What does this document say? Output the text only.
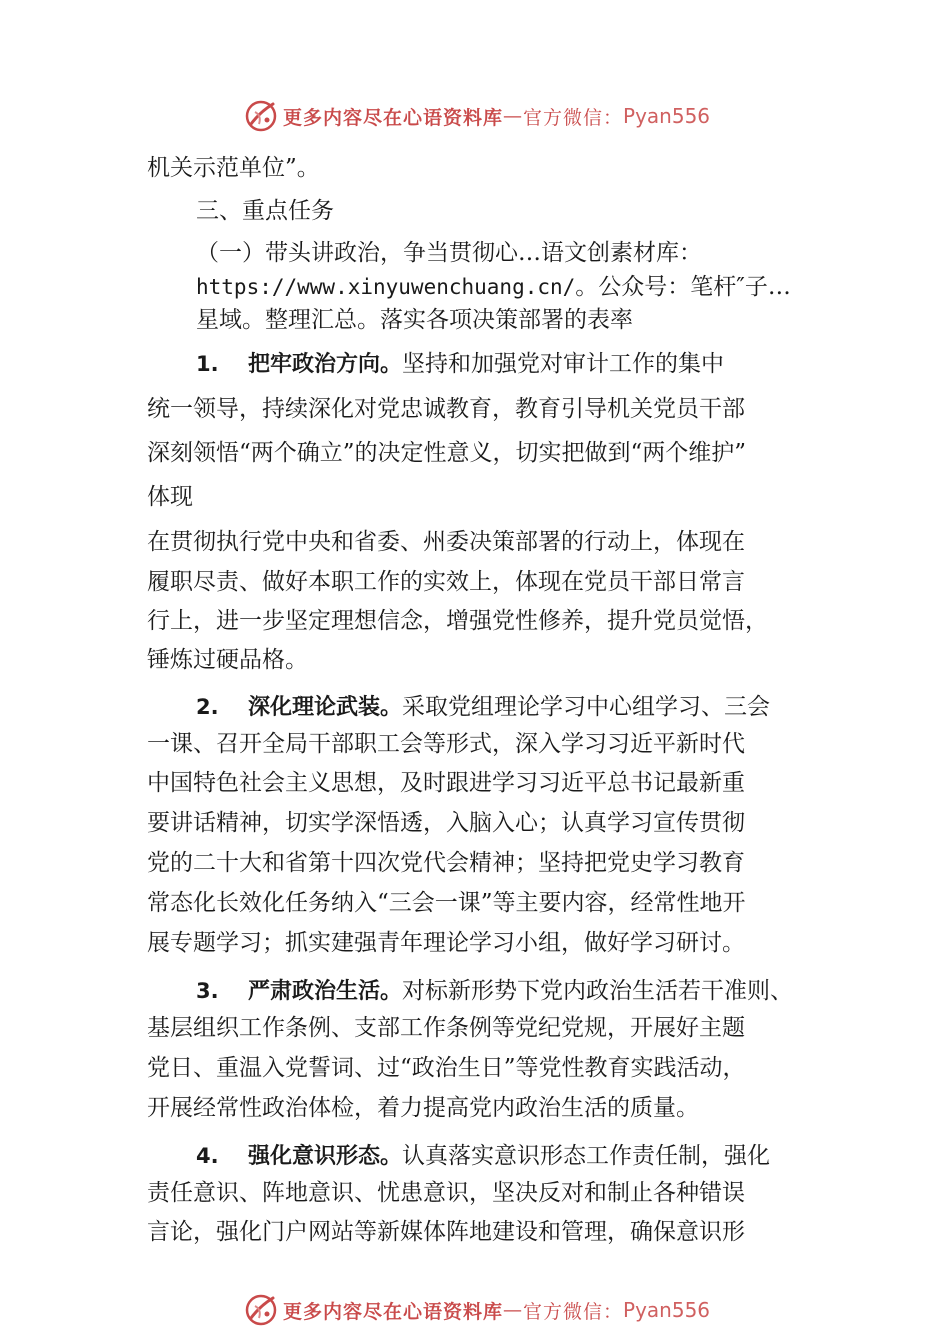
更多内容尽在心语资料库 — 官方微信： Pyan556
机关示范单位”。
三、重点任务
（一）带头讲政治，争当贯彻心…语文创素材库：
https://www.xinyuwenchuang.cn/。公众号：笔杆″子…
星域。整理汇总。落实各项决策部署的表率
1. 把牢政治方向。坚持和加强党对审计工作的集中
统一领导，持续深化对党忠诚教育，教育引导机关党员干部
深刻领悟“两个确立”的决定性意义，切实把做到“两个维护”
体现
在贯彻执行党中央和省委、州委决策部署的行动上，体现在
履职尽责、做好本职工作的实效上，体现在党员干部日常言
行上，进一步坚定理想信念，增强党性修养，提升党员觉悟，
锤炼过硬品格。
2. 深化理论武装。采取党组理论学习中心组学习、三会
一课、召开全局干部职工会等形式，深入学习习近平新时代
中国特色社会主义思想，及时跟进学习习近平总书记最新重
要讲话精神，切实学深悟透，入脑入心；认真学习宣传贯彻
党的二十大和省第十四次党代会精神；坚持把党史学习教育
常态化长效化任务纳入“三会一课”等主要内容，经常性地开
展专题学习；抓实建强青年理论学习小组，做好学习研讨。
3. 严肃政治生活。对标新形势下党内政治生活若干准则、
基层组织工作条例、支部工作条例等党纪党规，开展好主题
党日、重温入党誓词、过“政治生日”等党性教育实践活动，
开展经常性政治体检，着力提高党内政治生活的质量。
4. 强化意识形态。认真落实意识形态工作责任制，强化
责任意识、阵地意识、忧患意识，坚决反对和制止各种错误
言论，强化门户网站等新媒体阵地建设和管理，确保意识形
更多内容尽在心语资料库 — 官方微信： Pyan556
